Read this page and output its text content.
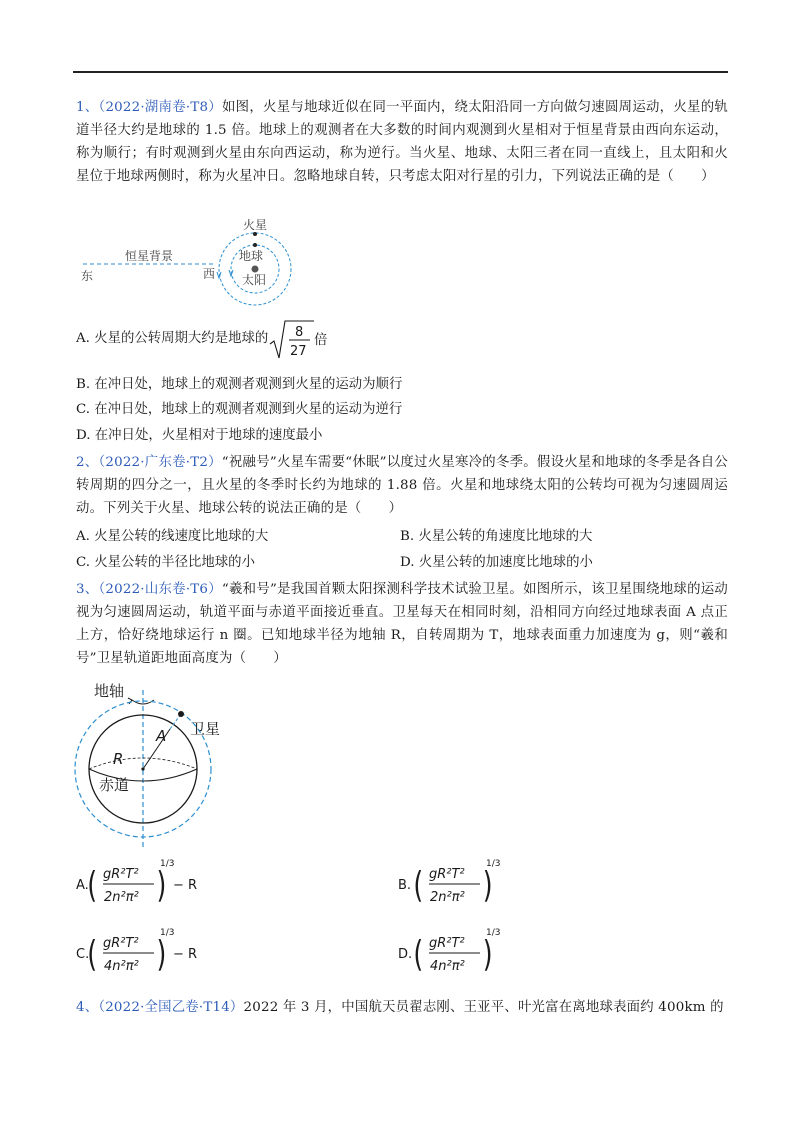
1、（2022·湖南卷·T8）如图，火星与地球近似在同一平面内，绕太阳沿同一方向做匀速圆周运动，火星的轨道半径大约是地球的 1.5 倍。地球上的观测者在大多数的时间内观测到火星相对于恒星背景由西向东运动，称为顺行；有时观测到火星由东向西运动，称为逆行。当火星、地球、太阳三者在同一直线上，且太阳和火星位于地球两侧时，称为火星冲日。忽略地球自转，只考虑太阳对行星的引力，下列说法正确的是（　　）
东
恒星背景
西
火星
地球
太阳
A. 火星的公转周期大约是地球的 8
27
倍
B. 在冲日处，地球上的观测者观测到火星的运动为顺行
C. 在冲日处，地球上的观测者观测到火星的运动为逆行
D. 在冲日处，火星相对于地球的速度最小
2、（2022·广东卷·T2）“祝融号”火星车需要“休眠”以度过火星寒冷的冬季。假设火星和地球的冬季是各自公转周期的四分之一，且火星的冬季时长约为地球的 1.88 倍。火星和地球绕太阳的公转均可视为匀速圆周运动。下列关于火星、地球公转的说法正确的是（　　）
A. 火星公转的线速度比地球的大	B. 火星公转的角速度比地球的大
C. 火星公转的半径比地球的小	D. 火星公转的加速度比地球的小
3、（2022·山东卷·T6）“羲和号”是我国首颗太阳探测科学技术试验卫星。如图所示，该卫星围绕地球的运动视为匀速圆周运动，轨道平面与赤道平面接近垂直。卫星每天在相同时刻，沿相同方向经过地球表面 A 点正上方，恰好绕地球运行 n 圈。已知地球半径为地轴 R，自转周期为 T，地球表面重力加速度为 g，则“羲和号”卫星轨道距地面高度为（　　）
地轴
卫星
赤道
A
R
A.
( gR²T²
2n²π² )
1/3
− R	B. ( gR²T²
2n²π² )
1/3
C.
( gR²T²
4n²π² )
1/3
− R	D. ( gR²T²
4n²π² )
1/3
4、（2022·全国乙卷·T14）2022 年 3 月，中国航天员翟志刚、王亚平、叶光富在离地球表面约 400km 的
